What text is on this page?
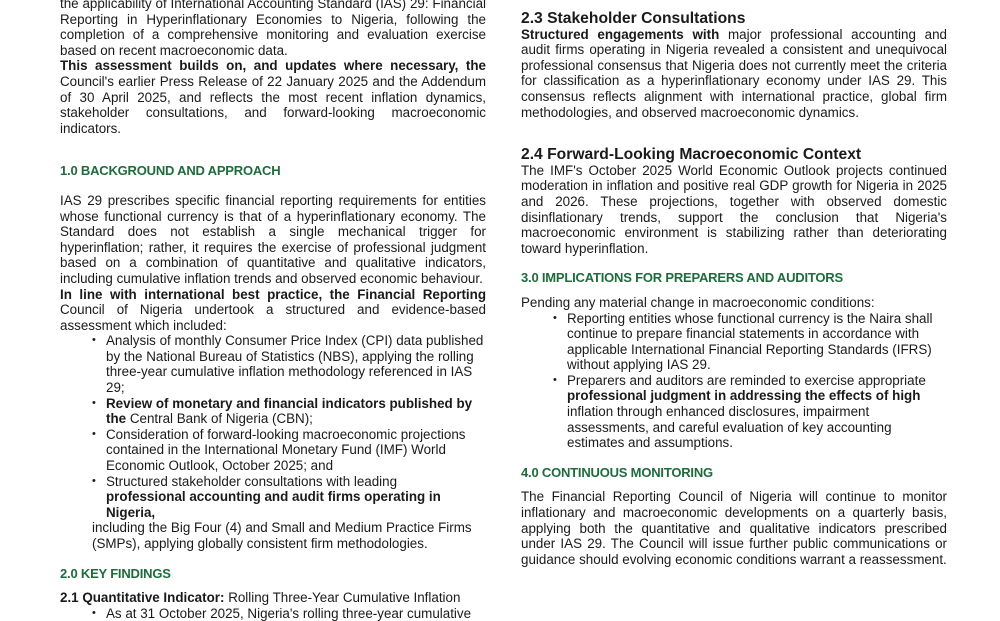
the applicability of International Accounting Standard (IAS) 29: Financial Reporting in Hyperinflationary Economies to Nigeria, following the completion of a comprehensive monitoring and evaluation exercise based on recent macroeconomic data.

This assessment builds on, and updates where necessary, the Council's earlier Press Release of 22 January 2025 and the Addendum of 30 April 2025, and reflects the most recent inflation dynamics, stakeholder consultations, and forward-looking macroeconomic indicators.

1.0 BACKGROUND AND APPROACH

IAS 29 prescribes specific financial reporting requirements for entities whose functional currency is that of a hyperinflationary economy. The Standard does not establish a single mechanical trigger for hyperinflation; rather, it requires the exercise of professional judgment based on a combination of quantitative and qualitative indicators, including cumulative inflation trends and observed economic behaviour.

In line with international best practice, the Financial Reporting Council of Nigeria undertook a structured and evidence-based assessment which included:

• Analysis of monthly Consumer Price Index (CPI) data published by the National Bureau of Statistics (NBS), applying the rolling three-year cumulative inflation methodology referenced in IAS 29;
• Review of monetary and financial indicators published by the Central Bank of Nigeria (CBN);
• Consideration of forward-looking macroeconomic projections contained in the International Monetary Fund (IMF) World Economic Outlook, October 2025; and
• Structured stakeholder consultations with leading
professional accounting and audit firms operating in Nigeria,

including the Big Four (4) and Small and Medium Practice Firms (SMPs), applying globally consistent firm methodologies.
2.0 KEY FINDINGS

2.1 Quantitative Indicator: Rolling Three-Year Cumulative Inflation

• As at 31 October 2025, Nigeria's rolling three-year cumulative
2.3 Stakeholder Consultations

Structured engagements with major professional accounting and audit firms operating in Nigeria revealed a consistent and unequivocal professional consensus that Nigeria does not currently meet the criteria for classification as a hyperinflationary economy under IAS 29. This consensus reflects alignment with international practice, global firm methodologies, and observed macroeconomic dynamics.

2.4 Forward-Looking Macroeconomic Context

The IMF's October 2025 World Economic Outlook projects continued moderation in inflation and positive real GDP growth for Nigeria in 2025 and 2026. These projections, together with observed domestic disinflationary trends, support the conclusion that Nigeria's macroeconomic environment is stabilizing rather than deteriorating toward hyperinflation.

3.0 IMPLICATIONS FOR PREPARERS AND AUDITORS

Pending any material change in macroeconomic conditions:

• Reporting entities whose functional currency is the Naira shall continue to prepare financial statements in accordance with applicable International Financial Reporting Standards (IFRS) without applying IAS 29.
• Preparers and auditors are reminded to exercise appropriate professional judgment in addressing the effects of high inflation through enhanced disclosures, impairment assessments, and careful evaluation of key accounting estimates and assumptions.
4.0 CONTINUOUS MONITORING

The Financial Reporting Council of Nigeria will continue to monitor inflationary and macroeconomic developments on a quarterly basis, applying both the quantitative and qualitative indicators prescribed under IAS 29. The Council will issue further public communications or guidance should evolving economic conditions warrant a reassessment.
